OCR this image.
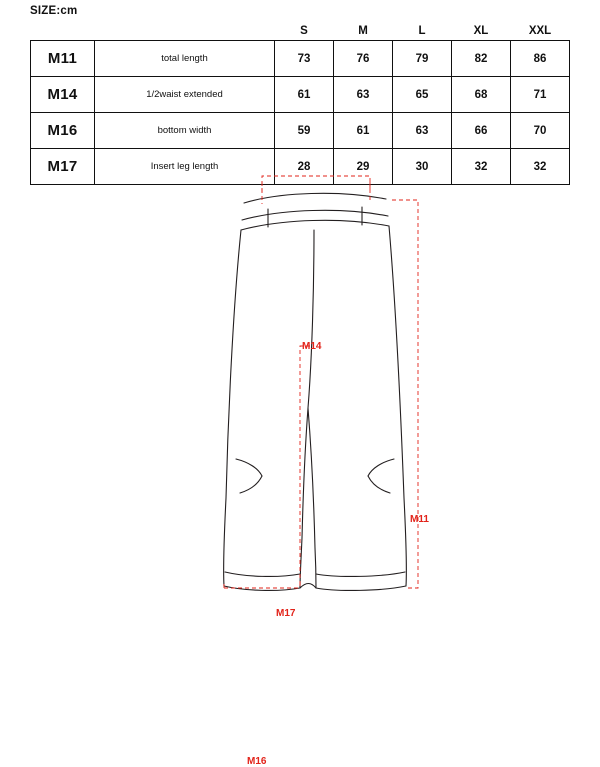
SIZE:cm
		S	M	L	XL	XXL
M11	total length	73	76	79	82	86
M14	1/2waist extended	61	63	65	68	71
M16	bottom width	59	61	63	66	70
M17	Insert leg length	28	29	30	32	32
M14
M11
M17
M16
